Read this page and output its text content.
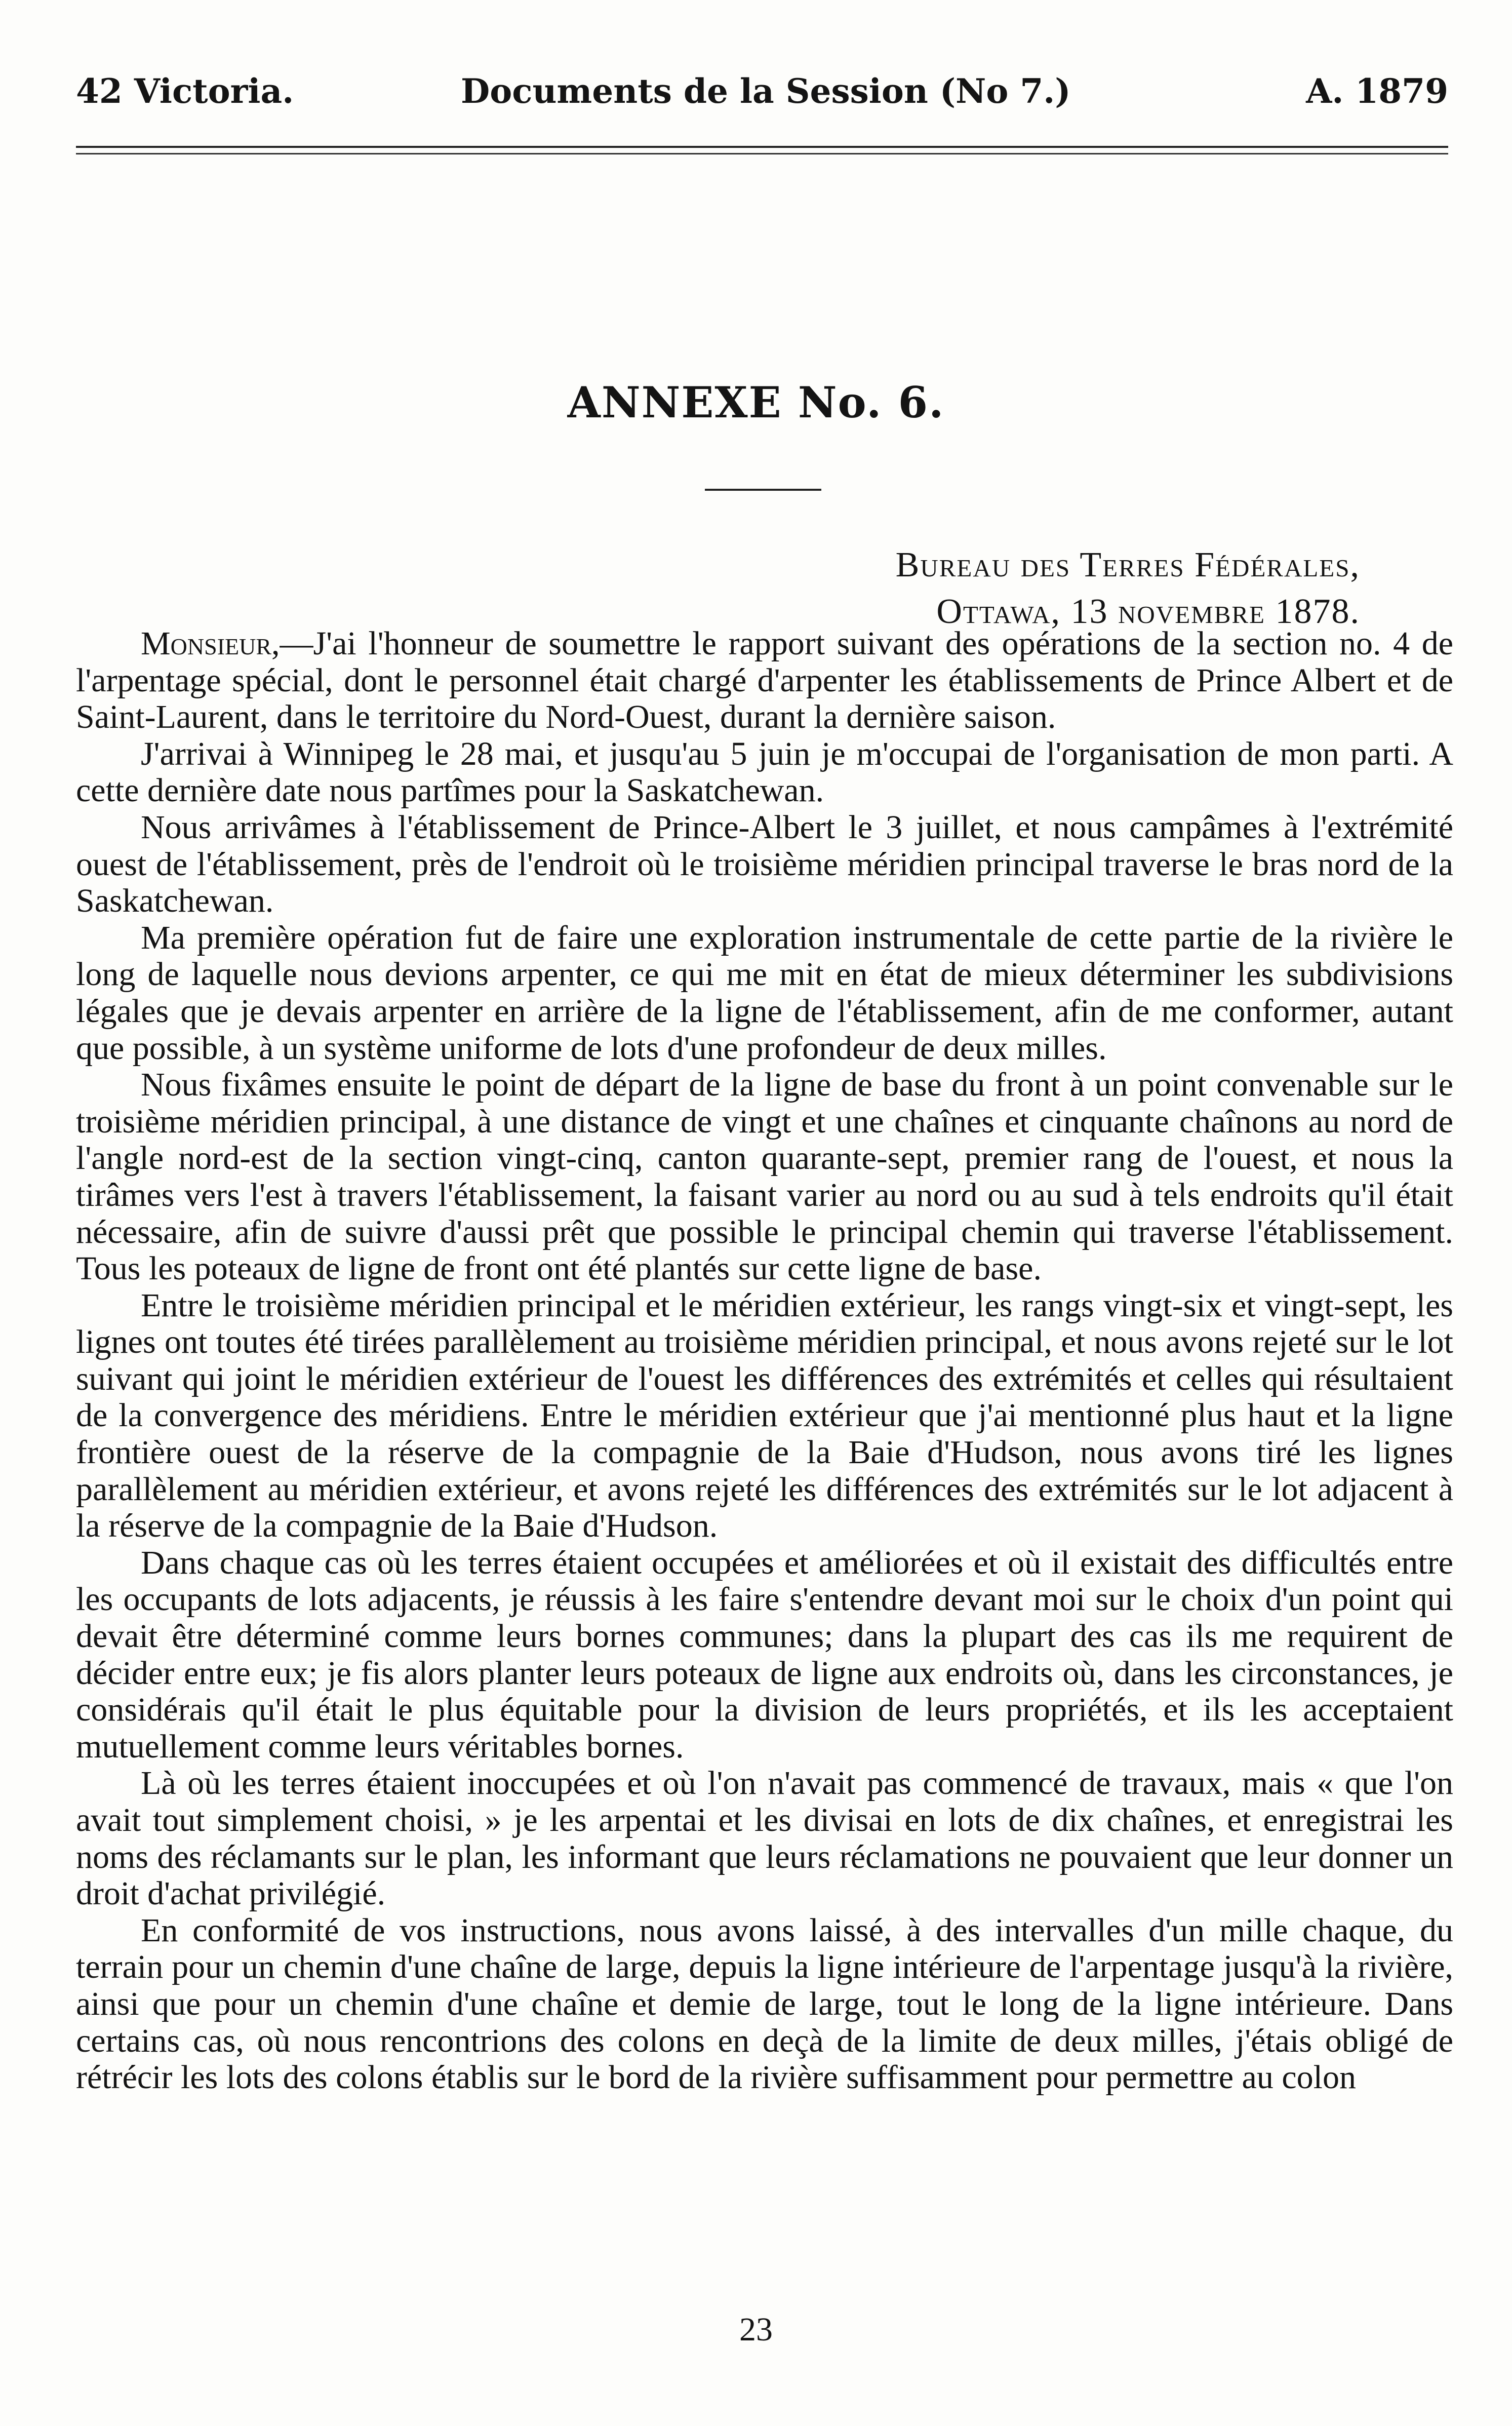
42 Victoria.	Documents de la Session (No 7.)	A. 1879
ANNEXE No. 6.
Bureau des Terres Fédérales,
Ottawa, 13 novembre 1878.

Monsieur,—J'ai l'honneur de soumettre le rapport suivant des opérations de la section no. 4 de l'arpentage spécial, dont le personnel était chargé d'arpenter les établissements de Prince Albert et de Saint-Laurent, dans le territoire du Nord-Ouest, durant la dernière saison.

J'arrivai à Winnipeg le 28 mai, et jusqu'au 5 juin je m'occupai de l'organisation de mon parti. A cette dernière date nous partîmes pour la Saskatchewan.

Nous arrivâmes à l'établissement de Prince-Albert le 3 juillet, et nous campâmes à l'extrémité ouest de l'établissement, près de l'endroit où le troisième méridien principal traverse le bras nord de la Saskatchewan.

Ma première opération fut de faire une exploration instrumentale de cette partie de la rivière le long de laquelle nous devions arpenter, ce qui me mit en état de mieux déterminer les subdivisions légales que je devais arpenter en arrière de la ligne de l'établissement, afin de me conformer, autant que possible, à un système uniforme de lots d'une profondeur de deux milles.

Nous fixâmes ensuite le point de départ de la ligne de base du front à un point convenable sur le troisième méridien principal, à une distance de vingt et une chaînes et cinquante chaînons au nord de l'angle nord-est de la section vingt-cinq, canton quarante-sept, premier rang de l'ouest, et nous la tirâmes vers l'est à travers l'établissement, la faisant varier au nord ou au sud à tels endroits qu'il était nécessaire, afin de suivre d'aussi prêt que possible le principal chemin qui traverse l'établissement. Tous les poteaux de ligne de front ont été plantés sur cette ligne de base.

Entre le troisième méridien principal et le méridien extérieur, les rangs vingt-six et vingt-sept, les lignes ont toutes été tirées parallèlement au troisième méridien principal, et nous avons rejeté sur le lot suivant qui joint le méridien extérieur de l'ouest les différences des extrémités et celles qui résultaient de la convergence des méridiens. Entre le méridien extérieur que j'ai mentionné plus haut et la ligne frontière ouest de la réserve de la compagnie de la Baie d'Hudson, nous avons tiré les lignes parallèlement au méridien extérieur, et avons rejeté les différences des extrémités sur le lot adjacent à la réserve de la compagnie de la Baie d'Hudson.

Dans chaque cas où les terres étaient occupées et améliorées et où il existait des difficultés entre les occupants de lots adjacents, je réussis à les faire s'entendre devant moi sur le choix d'un point qui devait être déterminé comme leurs bornes communes; dans la plupart des cas ils me requirent de décider entre eux; je fis alors planter leurs poteaux de ligne aux endroits où, dans les circonstances, je considérais qu'il était le plus équitable pour la division de leurs propriétés, et ils les acceptaient mutuellement comme leurs véritables bornes.

Là où les terres étaient inoccupées et où l'on n'avait pas commencé de travaux, mais « que l'on avait tout simplement choisi, » je les arpentai et les divisai en lots de dix chaînes, et enregistrai les noms des réclamants sur le plan, les informant que leurs réclamations ne pouvaient que leur donner un droit d'achat privilégié.

En conformité de vos instructions, nous avons laissé, à des intervalles d'un mille chaque, du terrain pour un chemin d'une chaîne de large, depuis la ligne intérieure de l'arpentage jusqu'à la rivière, ainsi que pour un chemin d'une chaîne et demie de large, tout le long de la ligne intérieure. Dans certains cas, où nous rencontrions des colons en deçà de la limite de deux milles, j'étais obligé de rétrécir les lots des colons établis sur le bord de la rivière suffisamment pour permettre au colon

23
